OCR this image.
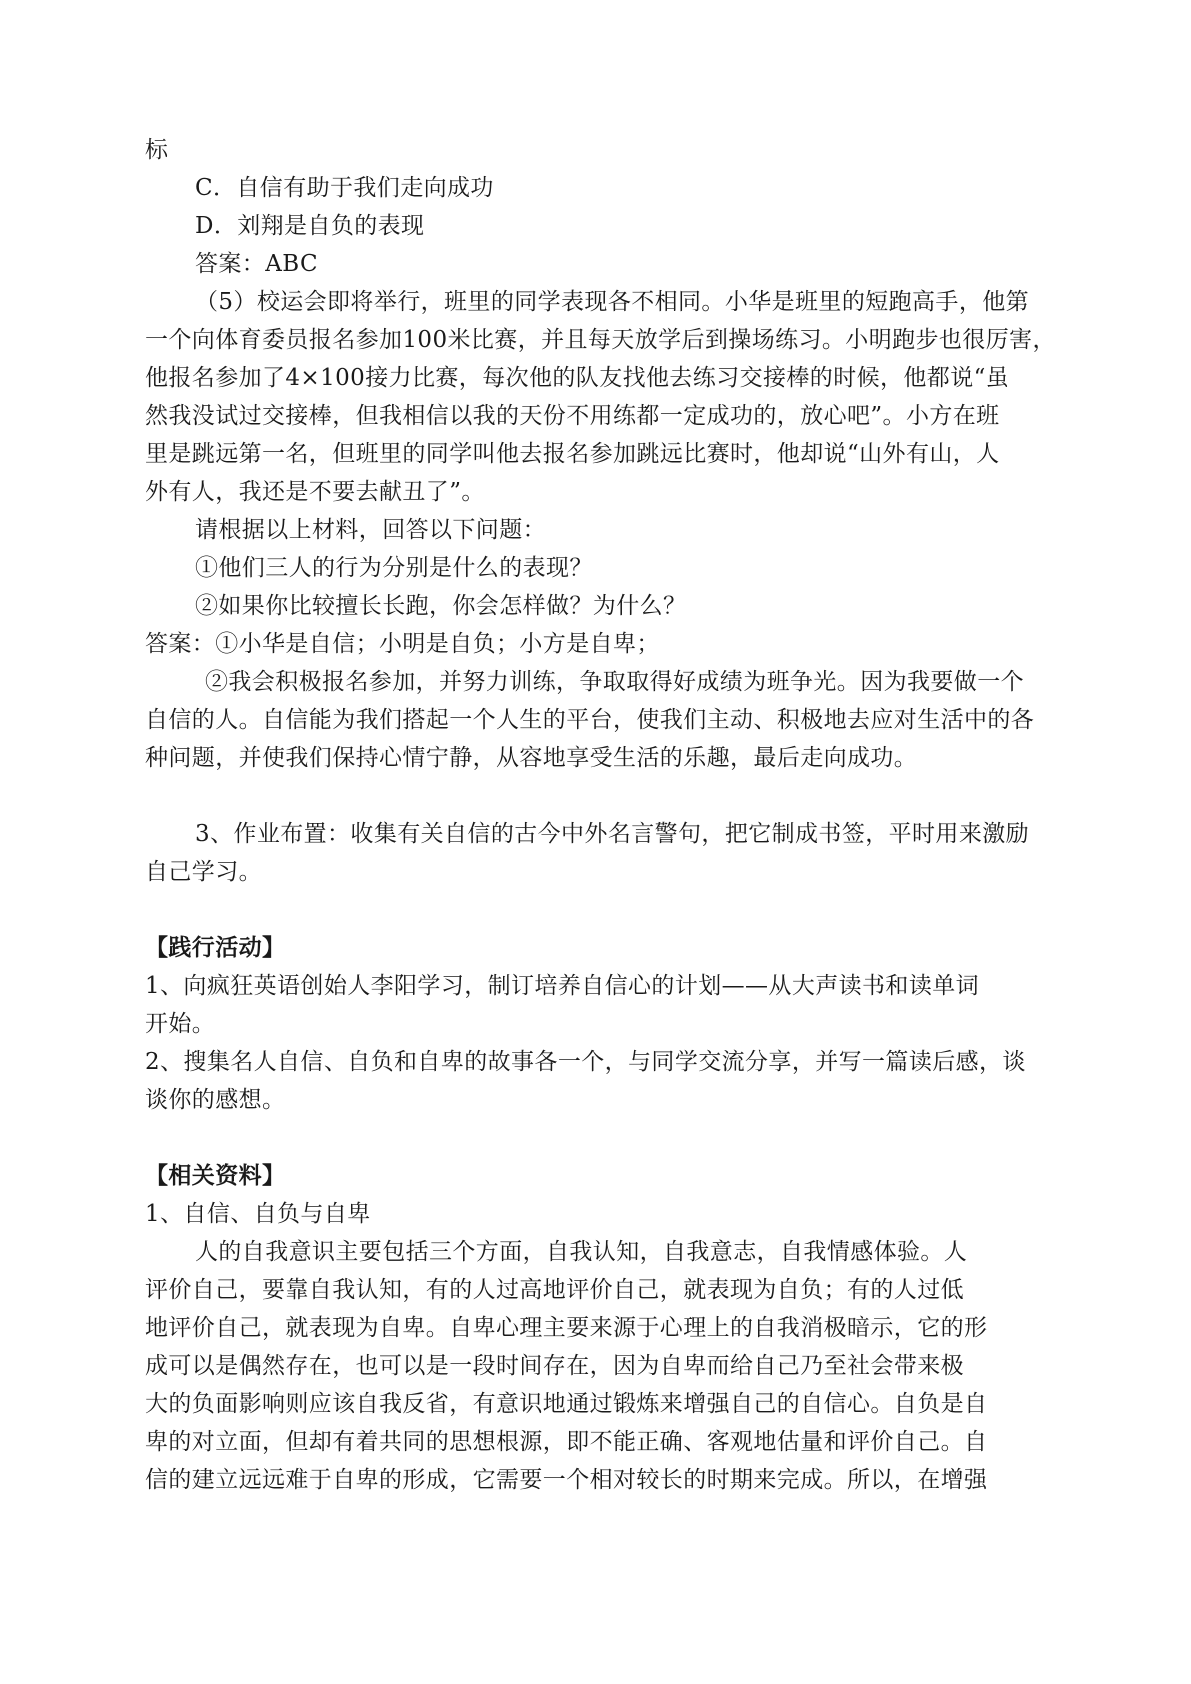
标

C．自信有助于我们走向成功

D．刘翔是自负的表现

答案：ABC

（5）校运会即将举行，班里的同学表现各不相同。小华是班里的短跑高手，他第

一个向体育委员报名参加100米比赛，并且每天放学后到操场练习。小明跑步也很厉害，

他报名参加了4×100接力比赛，每次他的队友找他去练习交接棒的时候，他都说“虽

然我没试过交接棒，但我相信以我的天份不用练都一定成功的，放心吧”。小方在班

里是跳远第一名，但班里的同学叫他去报名参加跳远比赛时，他却说“山外有山，人

外有人，我还是不要去献丑了”。

请根据以上材料，回答以下问题：

①他们三人的行为分别是什么的表现？

②如果你比较擅长长跑，你会怎样做？为什么？

答案：①小华是自信；小明是自负；小方是自卑；

②我会积极报名参加，并努力训练，争取取得好成绩为班争光。因为我要做一个

自信的人。自信能为我们搭起一个人生的平台，使我们主动、积极地去应对生活中的各

种问题，并使我们保持心情宁静，从容地享受生活的乐趣，最后走向成功。

3、作业布置：收集有关自信的古今中外名言警句，把它制成书签，平时用来激励

自己学习。

【践行活动】

1、向疯狂英语创始人李阳学习，制订培养自信心的计划——从大声读书和读单词

开始。

2、搜集名人自信、自负和自卑的故事各一个，与同学交流分享，并写一篇读后感，谈

谈你的感想。

【相关资料】

1、自信、自负与自卑

人的自我意识主要包括三个方面，自我认知，自我意志，自我情感体验。人

评价自己，要靠自我认知，有的人过高地评价自己，就表现为自负；有的人过低

地评价自己，就表现为自卑。自卑心理主要来源于心理上的自我消极暗示，它的形

成可以是偶然存在，也可以是一段时间存在，因为自卑而给自己乃至社会带来极

大的负面影响则应该自我反省，有意识地通过锻炼来增强自己的自信心。自负是自

卑的对立面，但却有着共同的思想根源，即不能正确、客观地估量和评价自己。自

信的建立远远难于自卑的形成，它需要一个相对较长的时期来完成。所以，在增强
